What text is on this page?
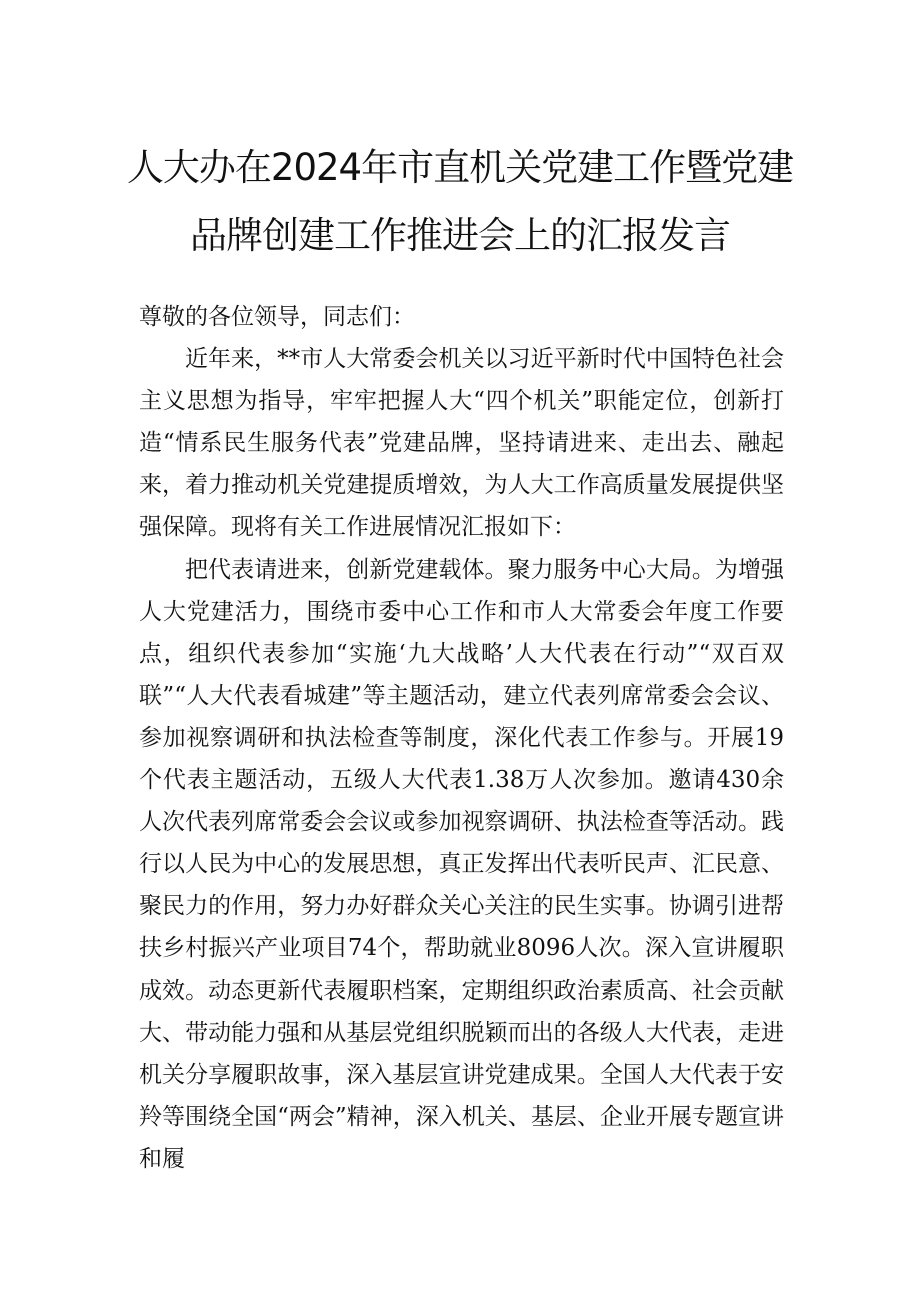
人大办在2024年市直机关党建工作暨党建
品牌创建工作推进会上的汇报发言

尊敬的各位领导，同志们：

近年来，**市人大常委会机关以习近平新时代中国特色社会主义思想为指导，牢牢把握人大“四个机关”职能定位，创新打造“情系民生服务代表”党建品牌，坚持请进来、走出去、融起来，着力推动机关党建提质增效，为人大工作高质量发展提供坚强保障。现将有关工作进展情况汇报如下：

把代表请进来，创新党建载体。聚力服务中心大局。为增强人大党建活力，围绕市委中心工作和市人大常委会年度工作要点，组织代表参加“实施‘九大战略’人大代表在行动”“双百双联”“人大代表看城建”等主题活动，建立代表列席常委会会议、参加视察调研和执法检查等制度，深化代表工作参与。开展19个代表主题活动，五级人大代表1.38万人次参加。邀请430余人次代表列席常委会会议或参加视察调研、执法检查等活动。践行以人民为中心的发展思想，真正发挥出代表听民声、汇民意、聚民力的作用，努力办好群众关心关注的民生实事。协调引进帮扶乡村振兴产业项目74个，帮助就业8096人次。深入宣讲履职成效。动态更新代表履职档案，定期组织政治素质高、社会贡献大、带动能力强和从基层党组织脱颖而出的各级人大代表，走进机关分享履职故事，深入基层宣讲党建成果。全国人大代表于安羚等围绕全国“两会”精神，深入机关、基层、企业开展专题宣讲和履
